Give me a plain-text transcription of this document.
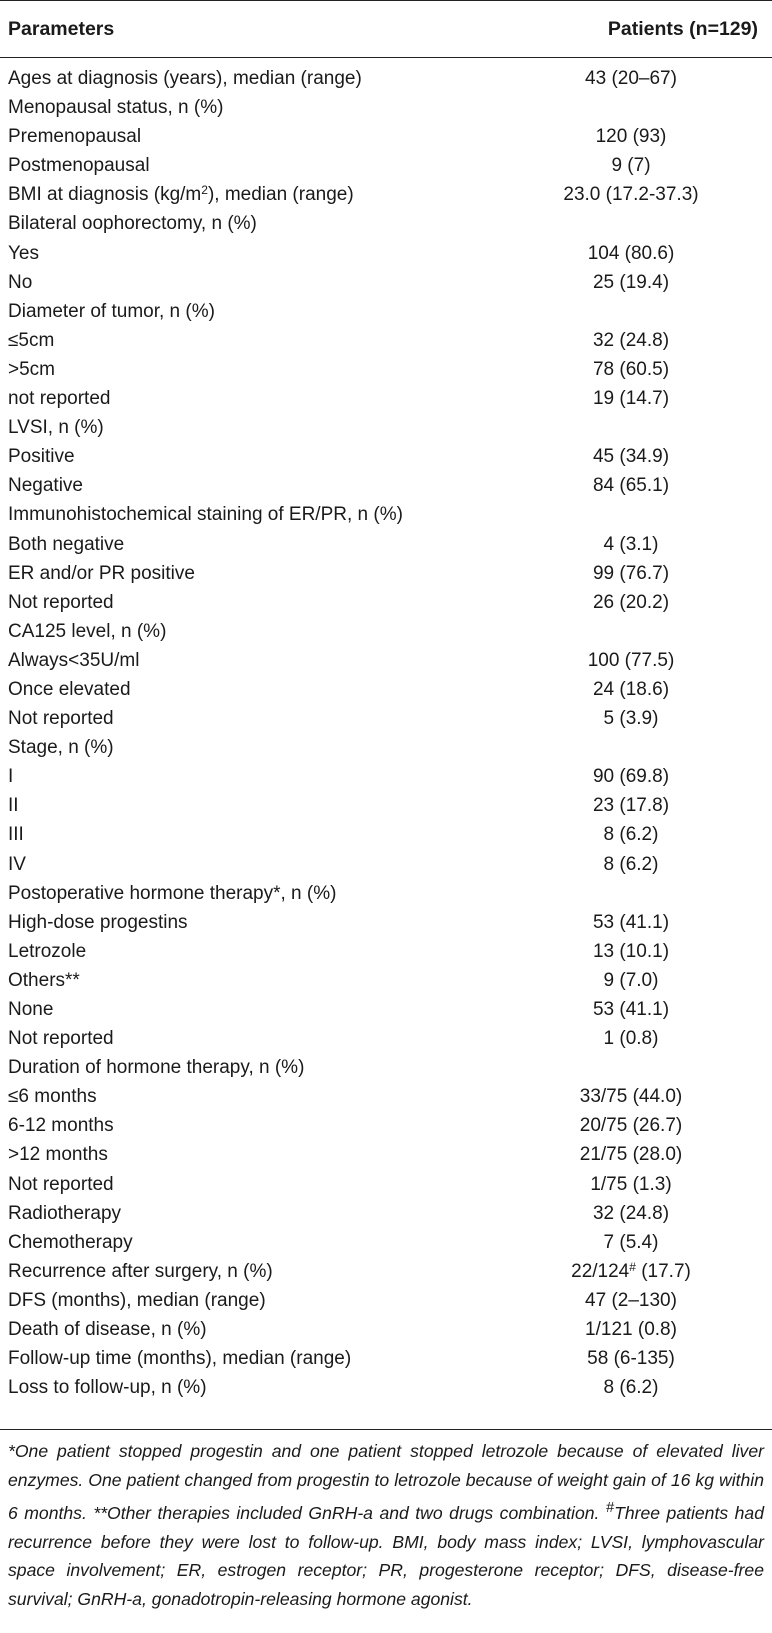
Parameters	Patients (n=129)
Ages at diagnosis (years), median (range)	43 (20–67)
Menopausal status, n (%)
Premenopausal	120 (93)
Postmenopausal	9 (7)
BMI at diagnosis $(kg/m^2)$, median (range)	23.0 (17.2-37.3)
Bilateral oophorectomy, n (%)
Yes	104 (80.6)
No	25 (19.4)
Diameter of tumor, n (%)
≤5cm	32 (24.8)
>5cm	78 (60.5)
not reported	19 (14.7)
LVSI, n (%)
Positive	45 (34.9)
Negative	84 (65.1)
Immunohistochemical staining of ER/PR, n (%)
Both negative	4 (3.1)
ER and/or PR positive	99 (76.7)
Not reported	26 (20.2)
CA125 level, n (%)
Always<35U/ml	100 (77.5)
Once elevated	24 (18.6)
Not reported	5 (3.9)
Stage, n (%)
I	90 (69.8)
II	23 (17.8)
III	8 (6.2)
IV	8 (6.2)
Postoperative hormone therapy*, n (%)
High-dose progestins	53 (41.1)
Letrozole	13 (10.1)
Others**	9 (7.0)
None	53 (41.1)
Not reported	1 (0.8)
Duration of hormone therapy, n (%)
≤6 months	33/75 (44.0)
6-12 months	20/75 (26.7)
>12 months	21/75 (28.0)
Not reported	1/75 (1.3)
Radiotherapy	32 (24.8)
Chemotherapy	7 (5.4)
Recurrence after surgery, n (%)	22/124# (17.7)
DFS (months), median (range)	47 (2–130)
Death of disease, n (%)	1/121 (0.8)
Follow-up time (months), median (range)	58 (6-135)
Loss to follow-up, n (%)	8 (6.2)
*One patient stopped progestin and one patient stopped letrozole because of elevated liver enzymes. One patient changed from progestin to letrozole because of weight gain of 16 kg within 6 months. **Other therapies included GnRH-a and two drugs combination. #Three patients had recurrence before they were lost to follow-up. BMI, body mass index; LVSI, lymphovascular space involvement; ER, estrogen receptor; PR, progesterone receptor; DFS, disease-free survival; GnRH-a, gonadotropin-releasing hormone agonist.
